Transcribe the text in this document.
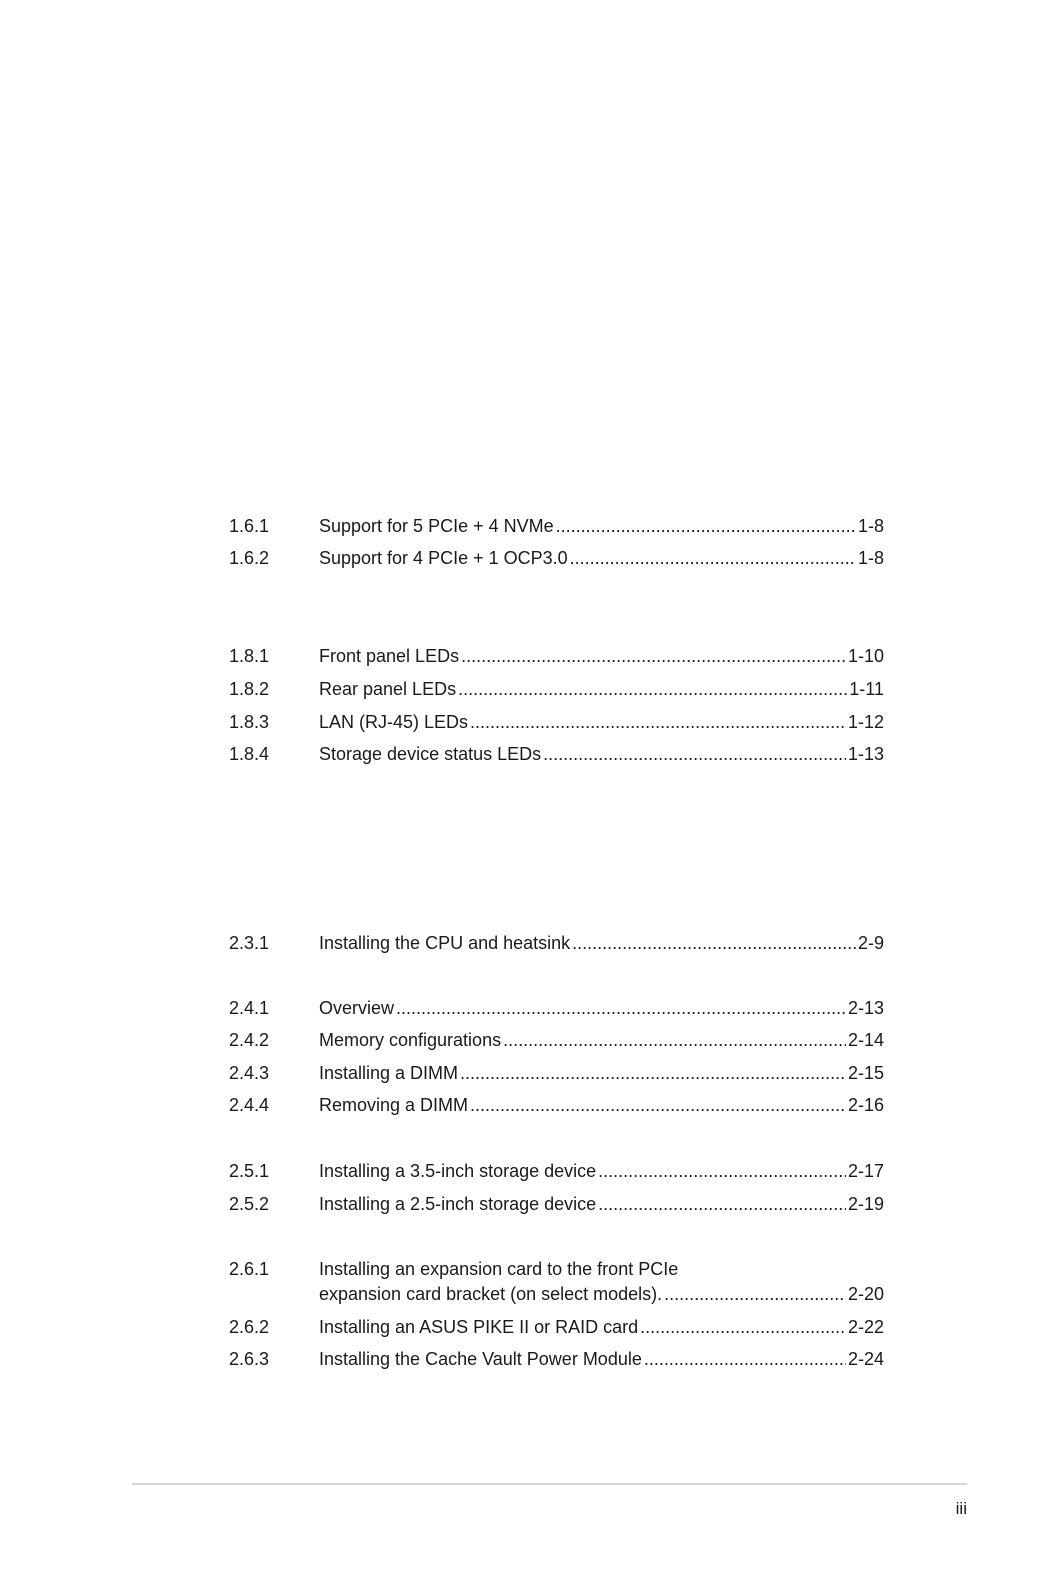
1.6.1	Support for 5 PCIe + 4 NVMe .....	1-8
1.6.2	Support for 4 PCIe + 1 OCP3.0 .....	1-8
1.8.1	Front panel LEDs .....	1-10
1.8.2	Rear panel LEDs .....	1-11
1.8.3	LAN (RJ-45) LEDs .....	1-12
1.8.4	Storage device status LEDs .....	1-13
2.3.1	Installing the CPU and heatsink .....	2-9
2.4.1	Overview .....	2-13
2.4.2	Memory configurations .....	2-14
2.4.3	Installing a DIMM .....	2-15
2.4.4	Removing a DIMM .....	2-16
2.5.1	Installing a 3.5-inch storage device .....	2-17
2.5.2	Installing a 2.5-inch storage device .....	2-19
2.6.1	Installing an expansion card to the front PCIe
expansion card bracket (on select models). .....	2-20
2.6.2	Installing an ASUS PIKE II or RAID card .....	2-22
2.6.3	Installing the Cache Vault Power Module .....	2-24
iii
